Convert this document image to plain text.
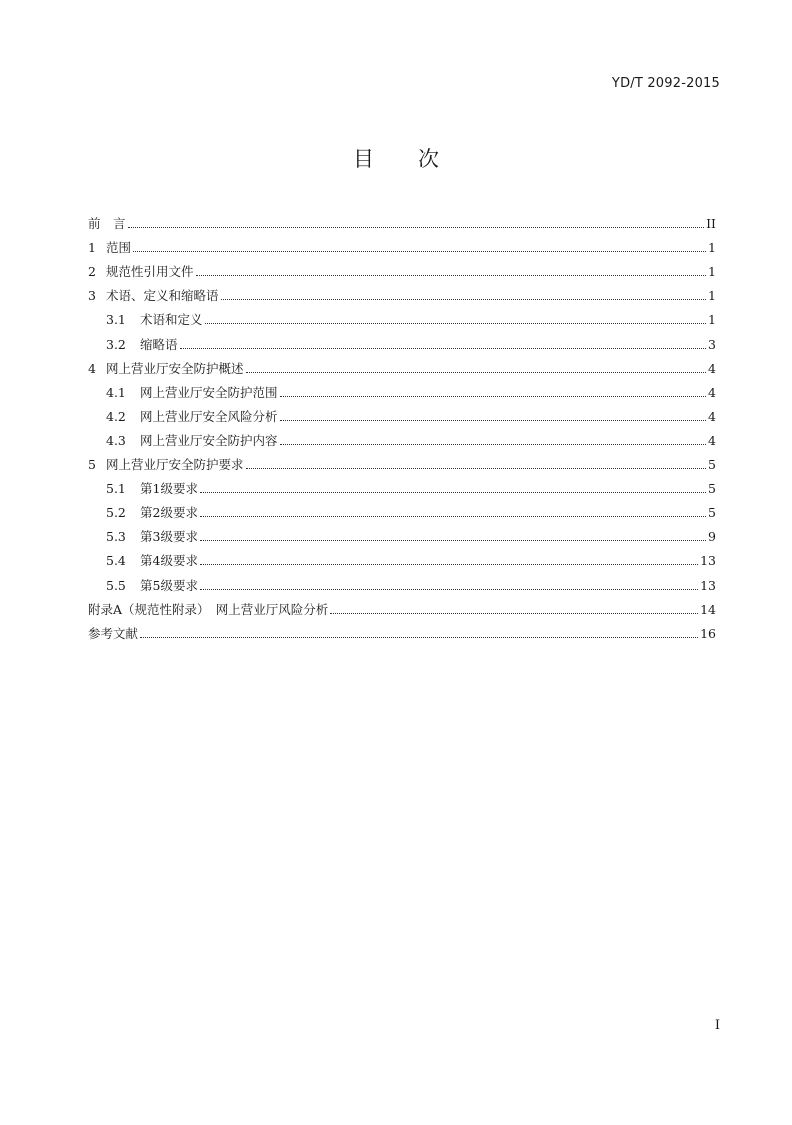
YD/T 2092-2015
目次
前　言	II
1 范围	1
2 规范性引用文件	1
3 术语、定义和缩略语	1
3.1	术语和定义	1
3.2	缩略语	3
4 网上营业厅安全防护概述	4
4.1	网上营业厅安全防护范围	4
4.2	网上营业厅安全风险分析	4
4.3	网上营业厅安全防护内容	4
5 网上营业厅安全防护要求	5
5.1	第1级要求	5
5.2	第2级要求	5
5.3	第3级要求	9
5.4	第4级要求	13
5.5	第5级要求	13
附录A（规范性附录）　网上营业厅风险分析	14
参考文献	16
I
